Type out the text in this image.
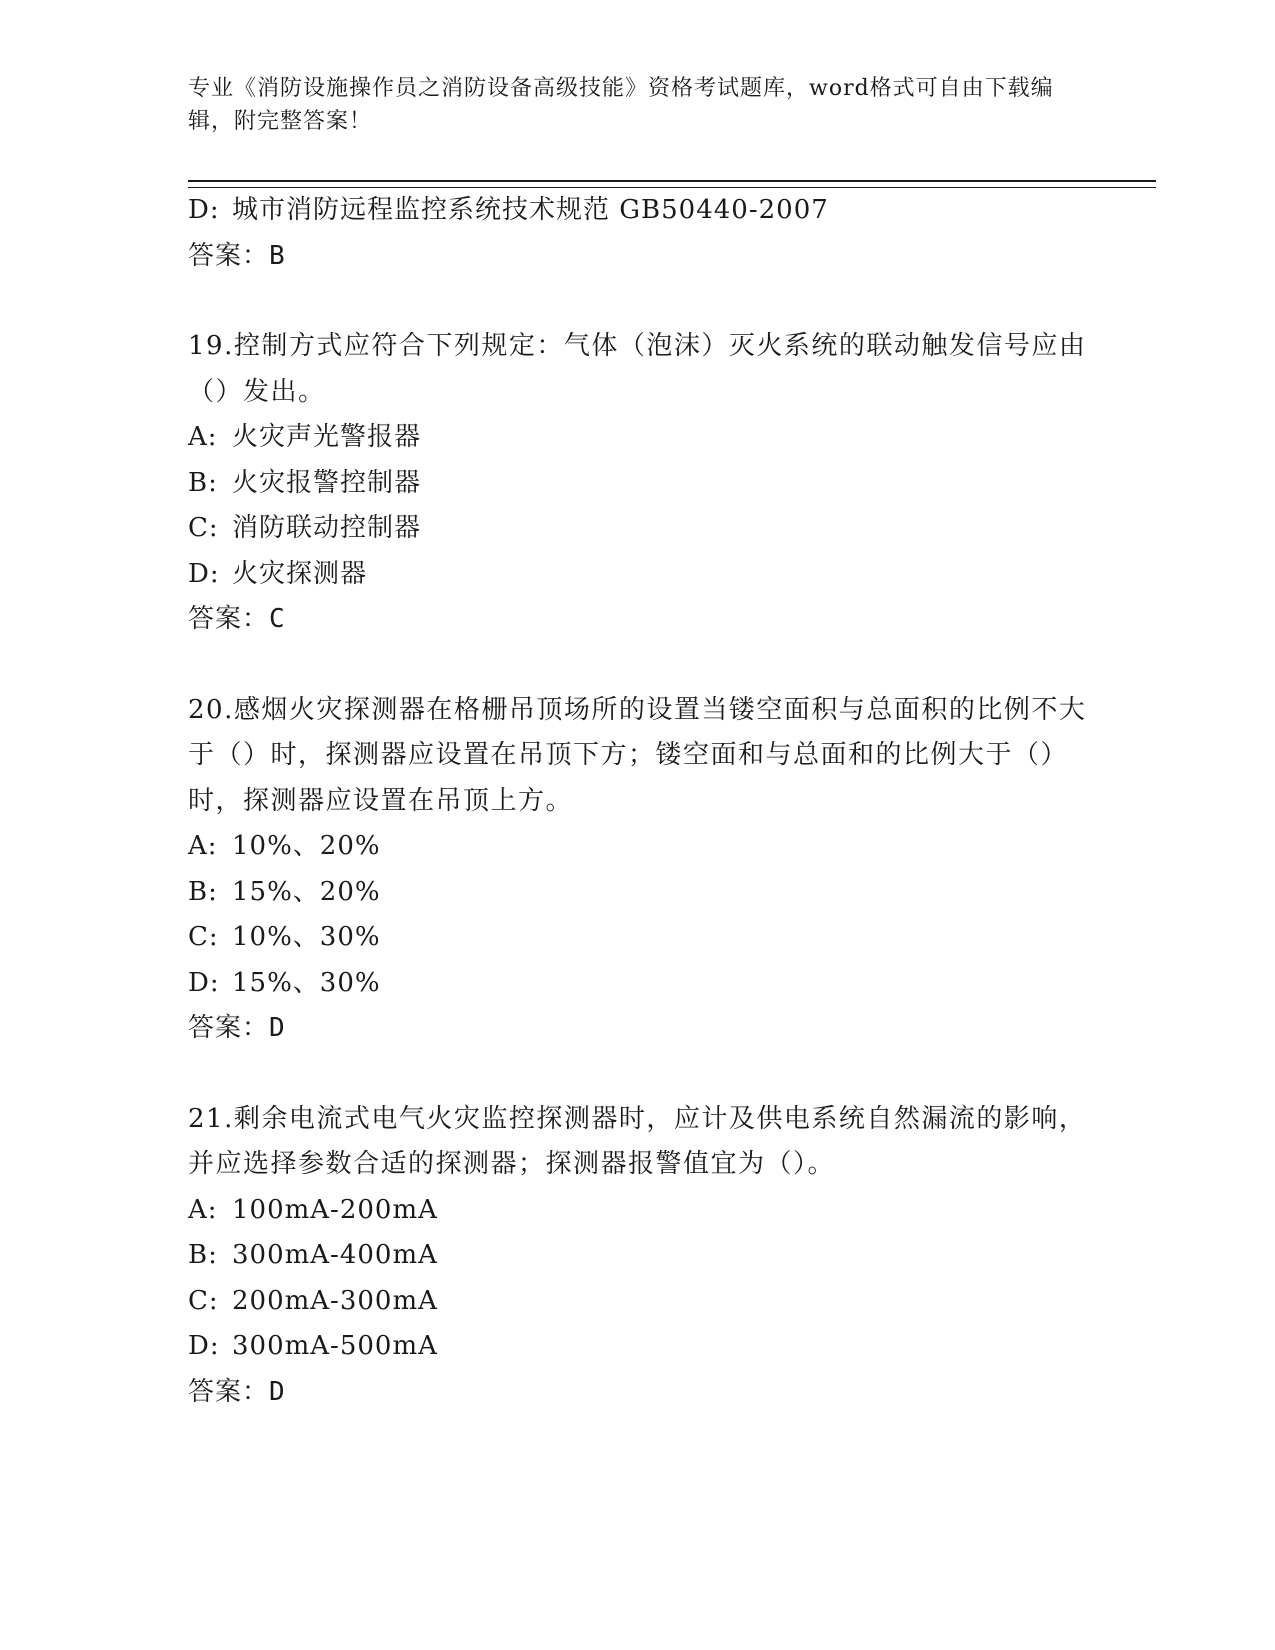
专业《消防设施操作员之消防设备高级技能》资格考试题库，word格式可自由下载编辑，附完整答案！
D: 城市消防远程监控系统技术规范 GB50440-2007
答案：B
19.控制方式应符合下列规定：气体（泡沫）灭火系统的联动触发信号应由（）发出。
A: 火灾声光警报器
B: 火灾报警控制器
C: 消防联动控制器
D: 火灾探测器
答案：C
20.感烟火灾探测器在格栅吊顶场所的设置当镂空面积与总面积的比例不大于（）时，探测器应设置在吊顶下方；镂空面和与总面和的比例大于（）时，探测器应设置在吊顶上方。
A: 10%、20%
B: 15%、20%
C: 10%、30%
D: 15%、30%
答案：D
21.剩余电流式电气火灾监控探测器时，应计及供电系统自然漏流的影响，并应选择参数合适的探测器；探测器报警值宜为（）。
A: 100mA-200mA
B: 300mA-400mA
C: 200mA-300mA
D: 300mA-500mA
答案：D
